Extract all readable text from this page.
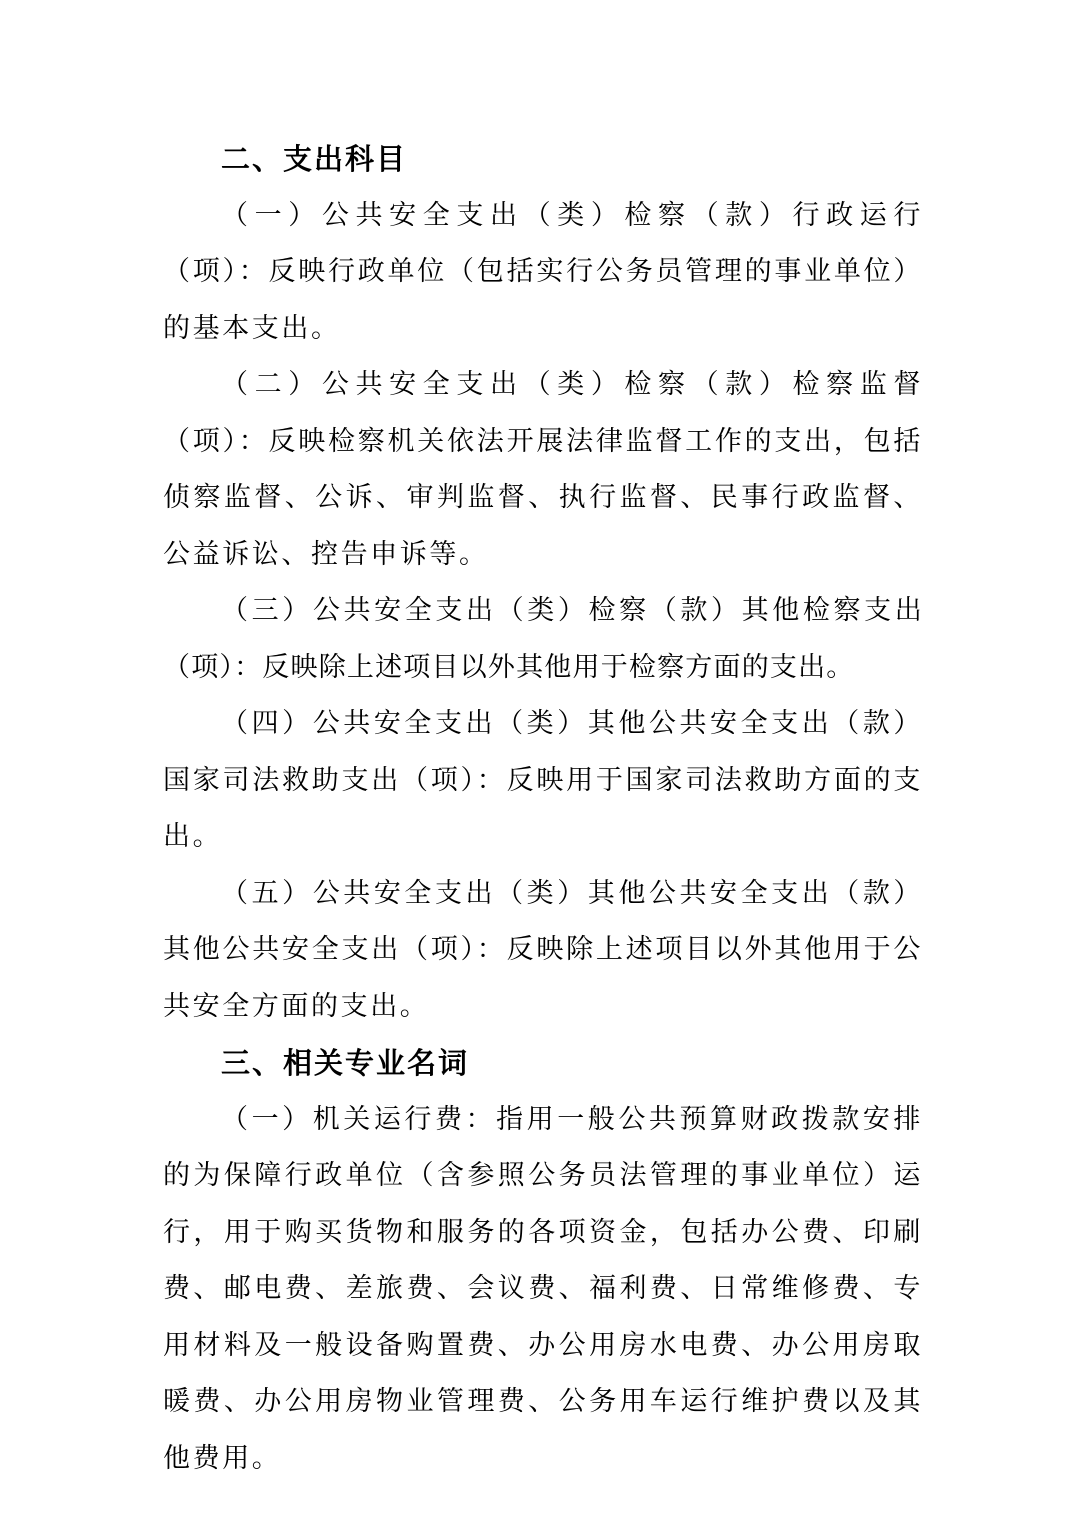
二、支出科目

（一）公共安全支出（类）检察（款）行政运行（项）：反映行政单位（包括实行公务员管理的事业单位）的基本支出。

（二）公共安全支出（类）检察（款）检察监督（项）：反映检察机关依法开展法律监督工作的支出，包括侦察监督、公诉、审判监督、执行监督、民事行政监督、公益诉讼、控告申诉等。

（三）公共安全支出（类）检察（款）其他检察支出（项）：反映除上述项目以外其他用于检察方面的支出。

（四）公共安全支出（类）其他公共安全支出（款）国家司法救助支出（项）：反映用于国家司法救助方面的支出。

（五）公共安全支出（类）其他公共安全支出（款）其他公共安全支出（项）：反映除上述项目以外其他用于公共安全方面的支出。

三、相关专业名词

（一）机关运行费：指用一般公共预算财政拨款安排的为保障行政单位（含参照公务员法管理的事业单位）运行，用于购买货物和服务的各项资金，包括办公费、印刷费、邮电费、差旅费、会议费、福利费、日常维修费、专用材料及一般设备购置费、办公用房水电费、办公用房取暖费、办公用房物业管理费、公务用车运行维护费以及其他费用。
